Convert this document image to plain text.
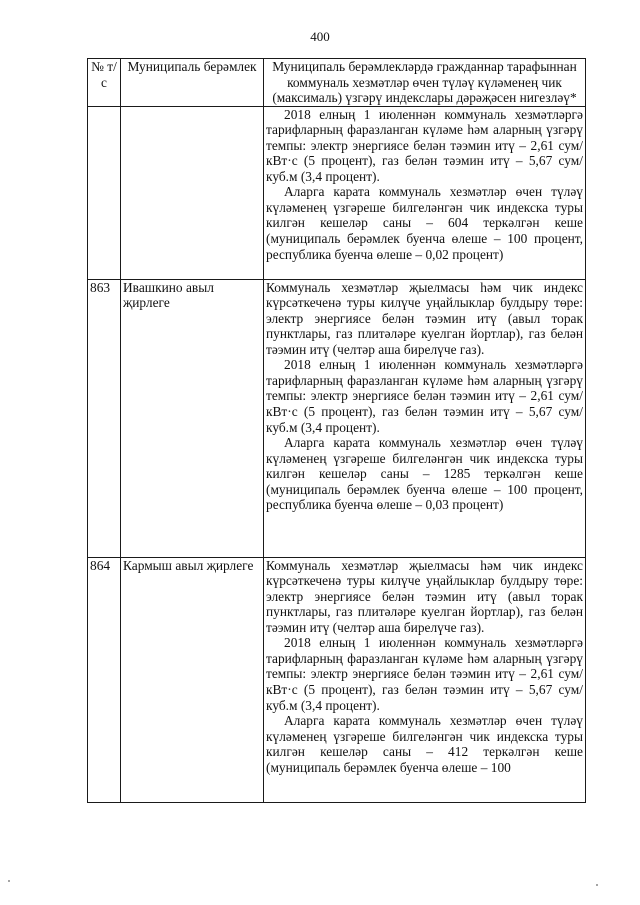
400
№ т/с	Муниципаль берәмлек	Муниципаль берәмлекләрдә гражданнар тарафыннан коммуналь хезмәтләр өчен түләү күләменең чик (максималь) үзгәрү индекслары дәрәҗәсен нигезләү*

		2018 елның 1 июленнән коммуналь хезмәтләргә тарифларның фаразланган күләме һәм аларның үзгәрү темпы: электр энергиясе белән тәэмин итү – 2,61 сум/кВт·с (5 процент), газ белән тәэмин итү – 5,67 сум/куб.м (3,4 процент).
Аларга карата коммуналь хезмәтләр өчен түләү күләменең үзгәреше билгеләнгән чик индекска туры килгән кешеләр саны – 604 теркәлгән кеше (муниципаль берәмлек буенча өлеше – 100 процент, республика буенча өлеше – 0,02 процент)

863	Ивашкино авыл җирлеге	Коммуналь хезмәтләр җыелмасы һәм чик индекс күрсәткеченә туры килүче уңайлыклар булдыру төре: электр энергиясе белән тәэмин итү (авыл торак пунктлары, газ плитәләре куелган йортлар), газ белән тәэмин итү (челтәр аша бирелүче газ).
2018 елның 1 июленнән коммуналь хезмәтләргә тарифларның фаразланган күләме һәм аларның үзгәрү темпы: электр энергиясе белән тәэмин итү – 2,61 сум/кВт·с (5 процент), газ белән тәэмин итү – 5,67 сум/куб.м (3,4 процент).
Аларга карата коммуналь хезмәтләр өчен түләү күләменең үзгәреше билгеләнгән чик индекска туры килгән кешеләр саны – 1285 теркәлгән кеше (муниципаль берәмлек буенча өлеше – 100 процент, республика буенча өлеше – 0,03 процент)

864	Кармыш авыл җирлеге	Коммуналь хезмәтләр җыелмасы һәм чик индекс күрсәткеченә туры килүче уңайлыклар булдыру төре: электр энергиясе белән тәэмин итү (авыл торак пунктлары, газ плитәләре куелган йортлар), газ белән тәэмин итү (челтәр аша бирелүче газ).
2018 елның 1 июленнән коммуналь хезмәтләргә тарифларның фаразланган күләме һәм аларның үзгәрү темпы: электр энергиясе белән тәэмин итү – 2,61 сум/кВт·с (5 процент), газ белән тәэмин итү – 5,67 сум/куб.м (3,4 процент).
Аларга карата коммуналь хезмәтләр өчен түләү күләменең үзгәреше билгеләнгән чик индекска туры килгән кешеләр саны – 412 теркәлгән кеше (муниципаль берәмлек буенча өлеше – 100
